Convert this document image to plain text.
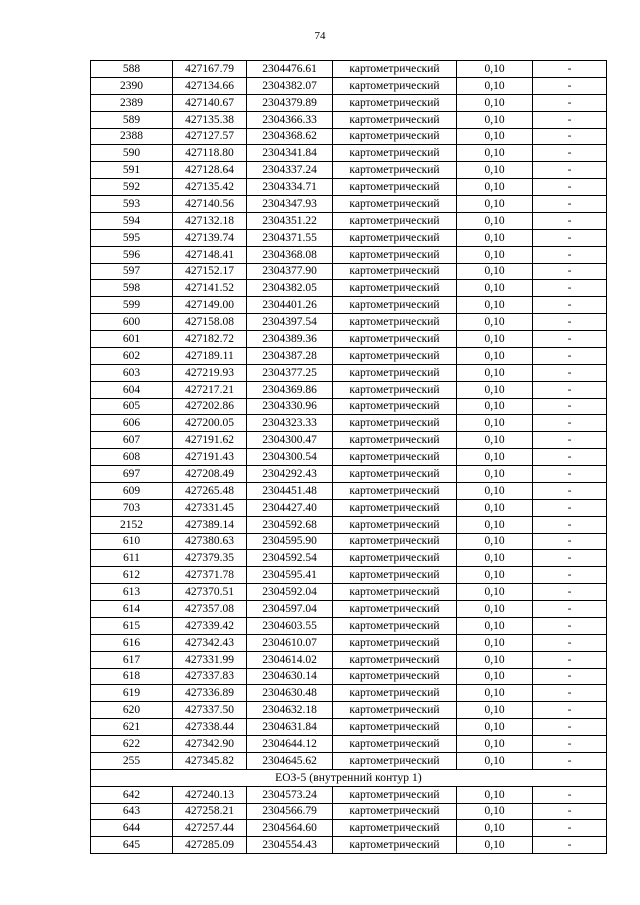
74
588	427167.79	2304476.61	картометрический	0,10	-
2390	427134.66	2304382.07	картометрический	0,10	-
2389	427140.67	2304379.89	картометрический	0,10	-
589	427135.38	2304366.33	картометрический	0,10	-
2388	427127.57	2304368.62	картометрический	0,10	-
590	427118.80	2304341.84	картометрический	0,10	-
591	427128.64	2304337.24	картометрический	0,10	-
592	427135.42	2304334.71	картометрический	0,10	-
593	427140.56	2304347.93	картометрический	0,10	-
594	427132.18	2304351.22	картометрический	0,10	-
595	427139.74	2304371.55	картометрический	0,10	-
596	427148.41	2304368.08	картометрический	0,10	-
597	427152.17	2304377.90	картометрический	0,10	-
598	427141.52	2304382.05	картометрический	0,10	-
599	427149.00	2304401.26	картометрический	0,10	-
600	427158.08	2304397.54	картометрический	0,10	-
601	427182.72	2304389.36	картометрический	0,10	-
602	427189.11	2304387.28	картометрический	0,10	-
603	427219.93	2304377.25	картометрический	0,10	-
604	427217.21	2304369.86	картометрический	0,10	-
605	427202.86	2304330.96	картометрический	0,10	-
606	427200.05	2304323.33	картометрический	0,10	-
607	427191.62	2304300.47	картометрический	0,10	-
608	427191.43	2304300.54	картометрический	0,10	-
697	427208.49	2304292.43	картометрический	0,10	-
609	427265.48	2304451.48	картометрический	0,10	-
703	427331.45	2304427.40	картометрический	0,10	-
2152	427389.14	2304592.68	картометрический	0,10	-
610	427380.63	2304595.90	картометрический	0,10	-
611	427379.35	2304592.54	картометрический	0,10	-
612	427371.78	2304595.41	картометрический	0,10	-
613	427370.51	2304592.04	картометрический	0,10	-
614	427357.08	2304597.04	картометрический	0,10	-
615	427339.42	2304603.55	картометрический	0,10	-
616	427342.43	2304610.07	картометрический	0,10	-
617	427331.99	2304614.02	картометрический	0,10	-
618	427337.83	2304630.14	картометрический	0,10	-
619	427336.89	2304630.48	картометрический	0,10	-
620	427337.50	2304632.18	картометрический	0,10	-
621	427338.44	2304631.84	картометрический	0,10	-
622	427342.90	2304644.12	картометрический	0,10	-
255	427345.82	2304645.62	картометрический	0,10	-
ЕОЗ-5 (внутренний контур 1)					
642	427240.13	2304573.24	картометрический	0,10	-
643	427258.21	2304566.79	картометрический	0,10	-
644	427257.44	2304564.60	картометрический	0,10	-
645	427285.09	2304554.43	картометрический	0,10	-
